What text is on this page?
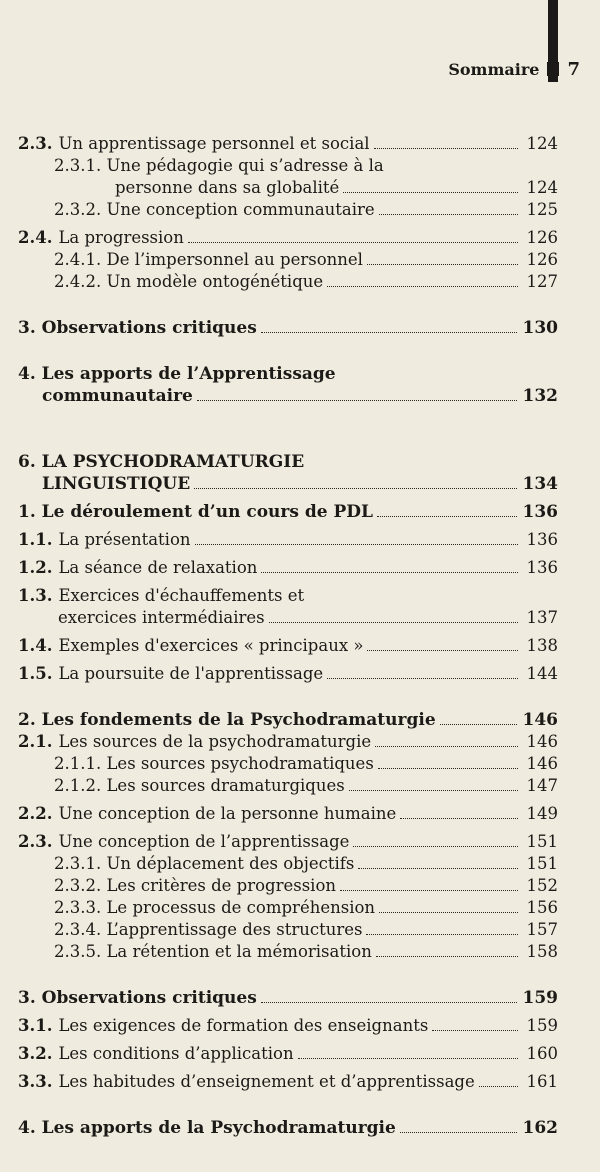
Sommaire 7
2.3. Un apprentissage personnel et social	124
2.3.1. Une pédagogie qui s’adresse à la
personne dans sa globalité	124
2.3.2. Une conception communautaire	125
2.4. La progression	126
2.4.1. De l’impersonnel au personnel	126
2.4.2. Un modèle ontogénétique	127
3. Observations critiques	130
4. Les apports de l’Apprentissage
communautaire	132
6. LA PSYCHODRAMATURGIE
LINGUISTIQUE	134
1. Le déroulement d’un cours de PDL	136
1.1. La présentation	136
1.2. La séance de relaxation	136
1.3. Exercices d'échauffements et
exercices intermédiaires	137
1.4. Exemples d'exercices « principaux »	138
1.5. La poursuite de l'apprentissage	144
2. Les fondements de la Psychodramaturgie	146
2.1. Les sources de la psychodramaturgie	146
2.1.1. Les sources psychodramatiques	146
2.1.2. Les sources dramaturgiques	147
2.2. Une conception de la personne humaine	149
2.3. Une conception de l’apprentissage	151
2.3.1. Un déplacement des objectifs	151
2.3.2. Les critères de progression	152
2.3.3. Le processus de compréhension	156
2.3.4. L’apprentissage des structures	157
2.3.5. La rétention et la mémorisation	158
3. Observations critiques	159
3.1. Les exigences de formation des enseignants	159
3.2. Les conditions d’application	160
3.3. Les habitudes d’enseignement et d’apprentissage	161
4. Les apports de la Psychodramaturgie	162
